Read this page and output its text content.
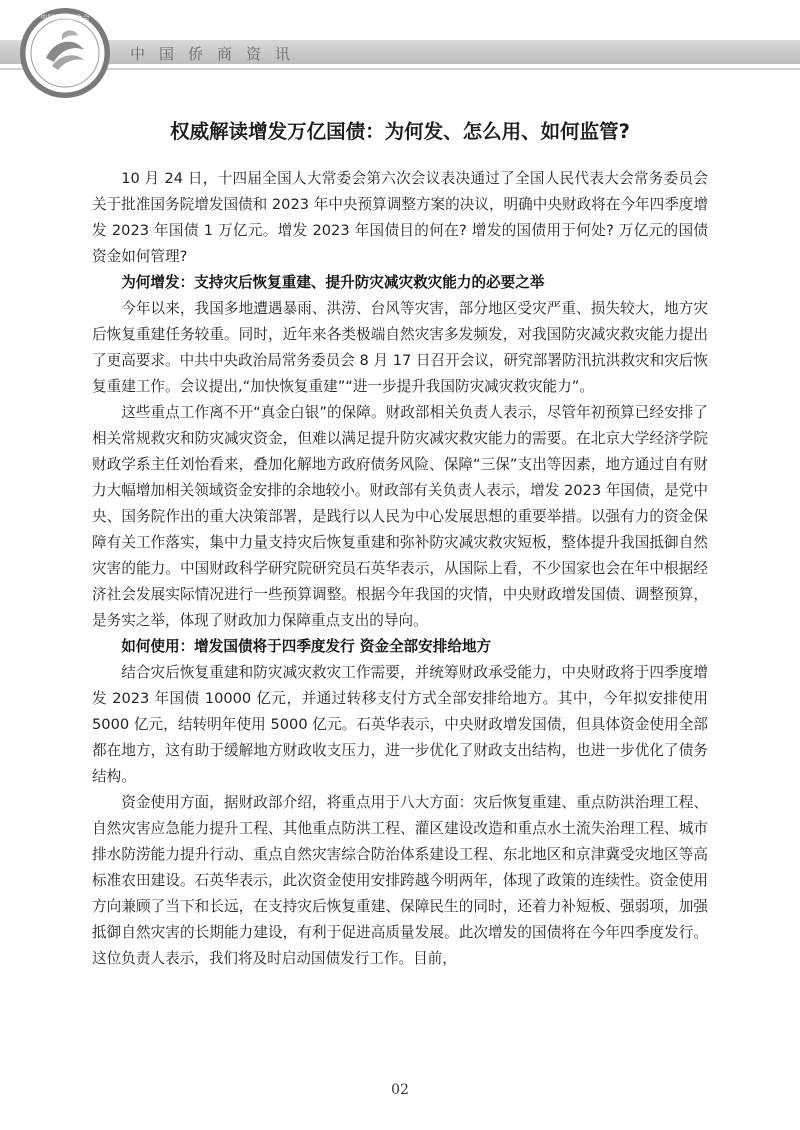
中国侨商联合会
中国侨商资讯
权威解读增发万亿国债：为何发、怎么用、如何监管?

10 月 24 日，十四届全国人大常委会第六次会议表决通过了全国人民代表大会常务委员会关于批准国务院增发国债和 2023 年中央预算调整方案的决议，明确中央财政将在今年四季度增发 2023 年国债 1 万亿元。增发 2023 年国债目的何在? 增发的国债用于何处? 万亿元的国债资金如何管理?

为何增发：支持灾后恢复重建、提升防灾减灾救灾能力的必要之举

今年以来，我国多地遭遇暴雨、洪涝、台风等灾害，部分地区受灾严重、损失较大，地方灾后恢复重建任务较重。同时，近年来各类极端自然灾害多发频发，对我国防灾减灾救灾能力提出了更高要求。中共中央政治局常务委员会 8 月 17 日召开会议，研究部署防汛抗洪救灾和灾后恢复重建工作。会议提出,“加快恢复重建”“进一步提升我国防灾减灾救灾能力”。

这些重点工作离不开“真金白银”的保障。财政部相关负责人表示，尽管年初预算已经安排了相关常规救灾和防灾减灾资金，但难以满足提升防灾减灾救灾能力的需要。在北京大学经济学院财政学系主任刘怡看来，叠加化解地方政府债务风险、保障“三保”支出等因素，地方通过自有财力大幅增加相关领域资金安排的余地较小。财政部有关负责人表示，增发 2023 年国债，是党中央、国务院作出的重大决策部署，是践行以人民为中心发展思想的重要举措。以强有力的资金保障有关工作落实，集中力量支持灾后恢复重建和弥补防灾减灾救灾短板，整体提升我国抵御自然灾害的能力。中国财政科学研究院研究员石英华表示，从国际上看，不少国家也会在年中根据经济社会发展实际情况进行一些预算调整。根据今年我国的灾情，中央财政增发国债、调整预算，是务实之举，体现了财政加力保障重点支出的导向。

如何使用：增发国债将于四季度发行 资金全部安排给地方

结合灾后恢复重建和防灾减灾救灾工作需要，并统筹财政承受能力，中央财政将于四季度增发 2023 年国债 10000 亿元，并通过转移支付方式全部安排给地方。其中，今年拟安排使用 5000 亿元，结转明年使用 5000 亿元。石英华表示，中央财政增发国债，但具体资金使用全部都在地方，这有助于缓解地方财政收支压力，进一步优化了财政支出结构，也进一步优化了债务结构。

资金使用方面，据财政部介绍，将重点用于八大方面：灾后恢复重建、重点防洪治理工程、自然灾害应急能力提升工程、其他重点防洪工程、灌区建设改造和重点水土流失治理工程、城市排水防涝能力提升行动、重点自然灾害综合防治体系建设工程、东北地区和京津冀受灾地区等高标准农田建设。石英华表示，此次资金使用安排跨越今明两年，体现了政策的连续性。资金使用方向兼顾了当下和长远，在支持灾后恢复重建、保障民生的同时，还着力补短板、强弱项，加强抵御自然灾害的长期能力建设，有利于促进高质量发展。此次增发的国债将在今年四季度发行。这位负责人表示，我们将及时启动国债发行工作。目前，

02
